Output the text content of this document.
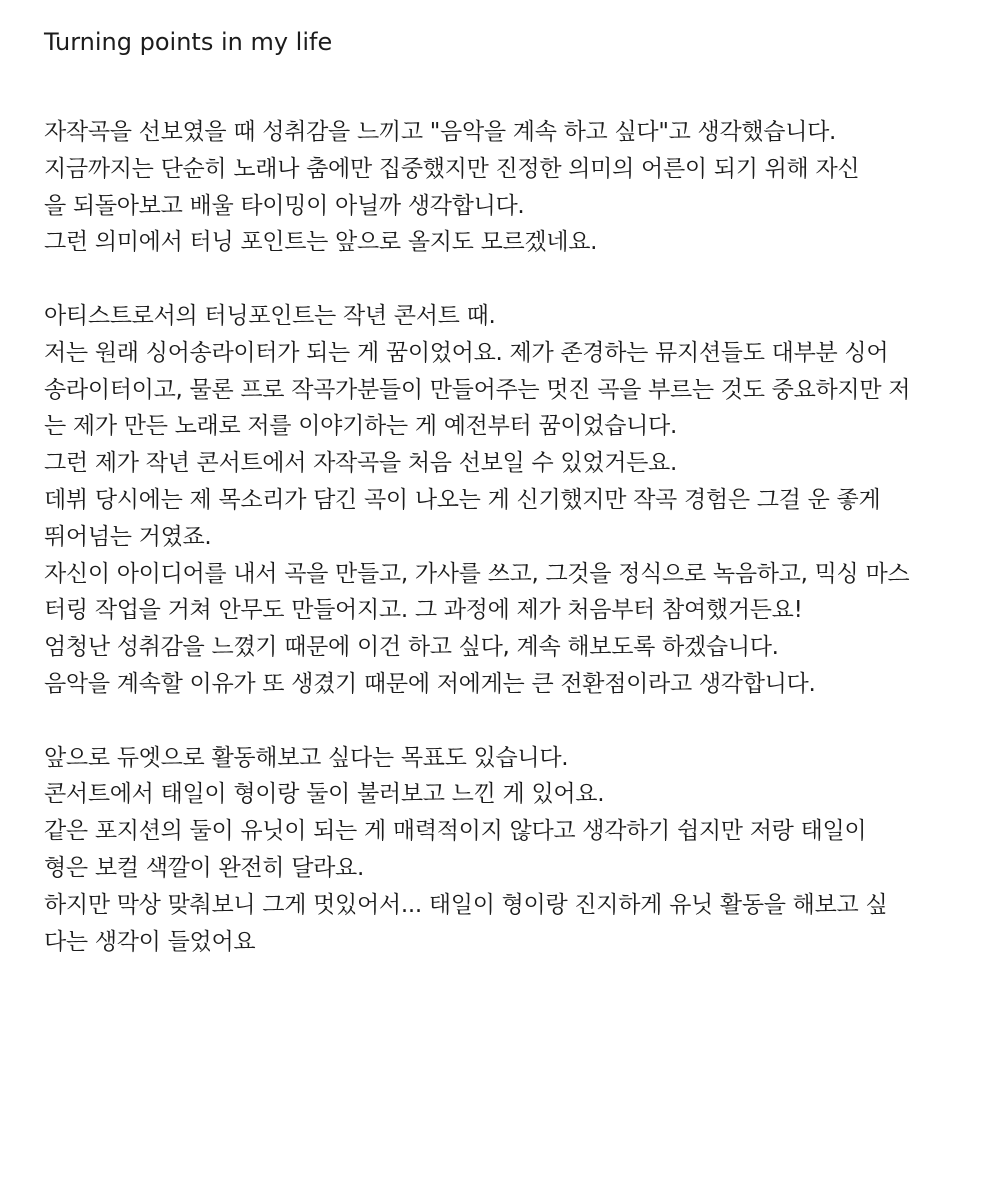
Turning points in my life
자작곡을 선보였을 때 성취감을 느끼고 "음악을 계속 하고 싶다"고 생각했습니다.
지금까지는 단순히 노래나 춤에만 집중했지만 진정한 의미의 어른이 되기 위해 자신
을 되돌아보고 배울 타이밍이 아닐까 생각합니다.
그런 의미에서 터닝 포인트는 앞으로 올지도 모르겠네요.
아티스트로서의 터닝포인트는 작년 콘서트 때.
저는 원래 싱어송라이터가 되는 게 꿈이었어요. 제가 존경하는 뮤지션들도 대부분 싱어
송라이터이고, 물론 프로 작곡가분들이 만들어주는 멋진 곡을 부르는 것도 중요하지만 저
는 제가 만든 노래로 저를 이야기하는 게 예전부터 꿈이었습니다.
그런 제가 작년 콘서트에서 자작곡을 처음 선보일 수 있었거든요.
데뷔 당시에는 제 목소리가 담긴 곡이 나오는 게 신기했지만 작곡 경험은 그걸 운 좋게
뛰어넘는 거였죠.
자신이 아이디어를 내서 곡을 만들고, 가사를 쓰고, 그것을 정식으로 녹음하고, 믹싱 마스
터링 작업을 거쳐 안무도 만들어지고. 그 과정에 제가 처음부터 참여했거든요!
엄청난 성취감을 느꼈기 때문에 이건 하고 싶다, 계속 해보도록 하겠습니다.
음악을 계속할 이유가 또 생겼기 때문에 저에게는 큰 전환점이라고 생각합니다.
앞으로 듀엣으로 활동해보고 싶다는 목표도 있습니다.
콘서트에서 태일이 형이랑 둘이 불러보고 느낀 게 있어요.
같은 포지션의 둘이 유닛이 되는 게 매력적이지 않다고 생각하기 쉽지만 저랑 태일이
형은 보컬 색깔이 완전히 달라요.
하지만 막상 맞춰보니 그게 멋있어서... 태일이 형이랑 진지하게 유닛 활동을 해보고 싶
다는 생각이 들었어요
